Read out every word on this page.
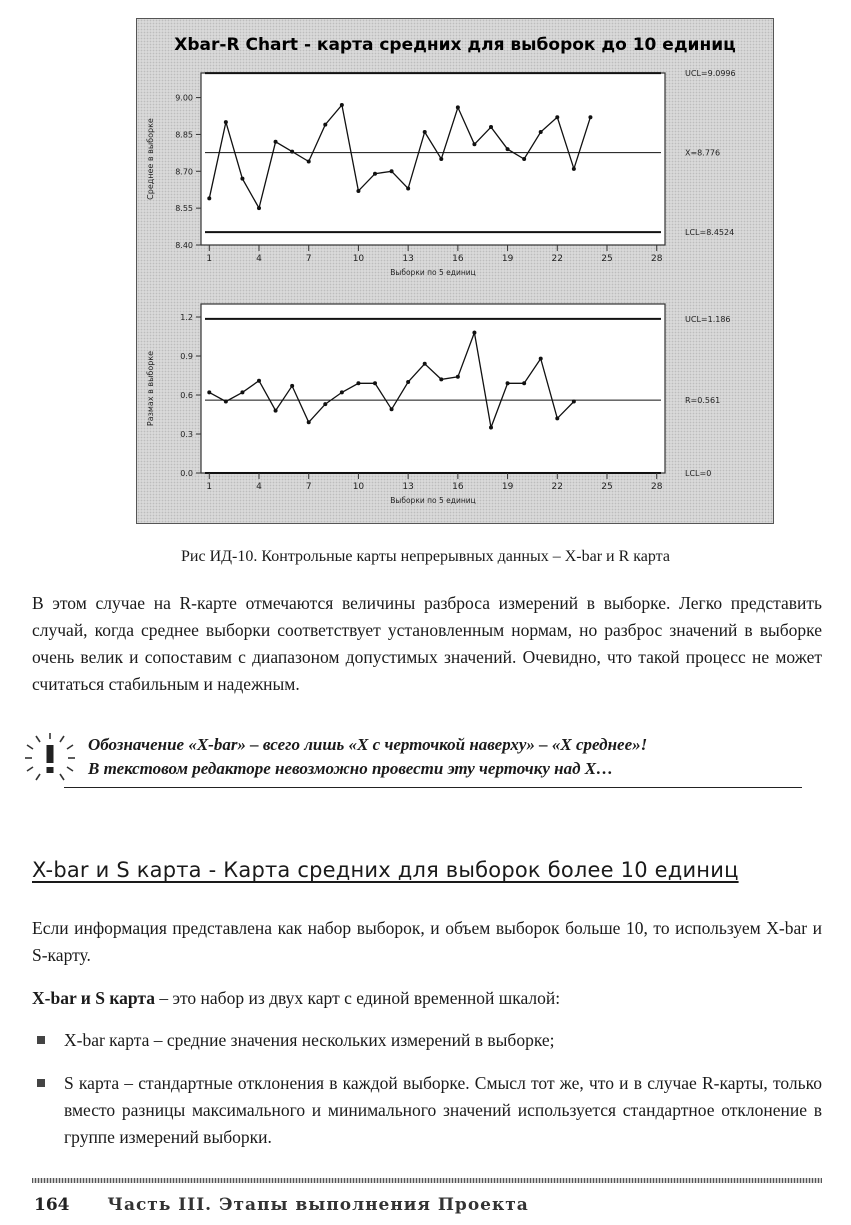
Xbar-R Chart - карта средних для выборок до 10 единиц
UCL=9.0996
X=8.776
LCL=8.4524
8.40
8.55
8.70
8.85
9.00
1	4	7	10	13	16	19	22	25	28
Выборки по 5 единиц
Среднее в выборке
UCL=1.186
R=0.561
LCL=0
0.0
0.3
0.6
0.9
1.2
1	4	7	10	13	16	19	22	25	28
Выборки по 5 единиц
Размах в выборке
Рис ИД-10. Контрольные карты непрерывных данных – X-bar и R карта
В этом случае на R-карте отмечаются величины разброса измерений в выборке. Легко представить случай, когда среднее выборки соответствует установленным нормам, но разброс значений в выборке очень велик и сопоставим с диапазоном допустимых значений. Очевидно, что такой процесс не может считаться стабильным и надежным.
Обозначение «X-bar» – всего лишь «X с черточкой наверху» – «X среднее»!
В текстовом редакторе невозможно провести эту черточку над X…
X-bar и S карта - Карта средних для выборок более 10 единиц
Если информация представлена как набор выборок, и объем выборок больше 10, то используем X-bar и S-карту.
X-bar и S карта – это набор из двух карт с единой временной шкалой:
X-bar карта – средние значения нескольких измерений в выборке;
S карта – стандартные отклонения в каждой выборке. Смысл тот же, что и в случае R-карты, только вместо разницы максимального и минимального значений используется стандартное отклонение в группе измерений выборки.
164 Часть III. Этапы выполнения Проекта
